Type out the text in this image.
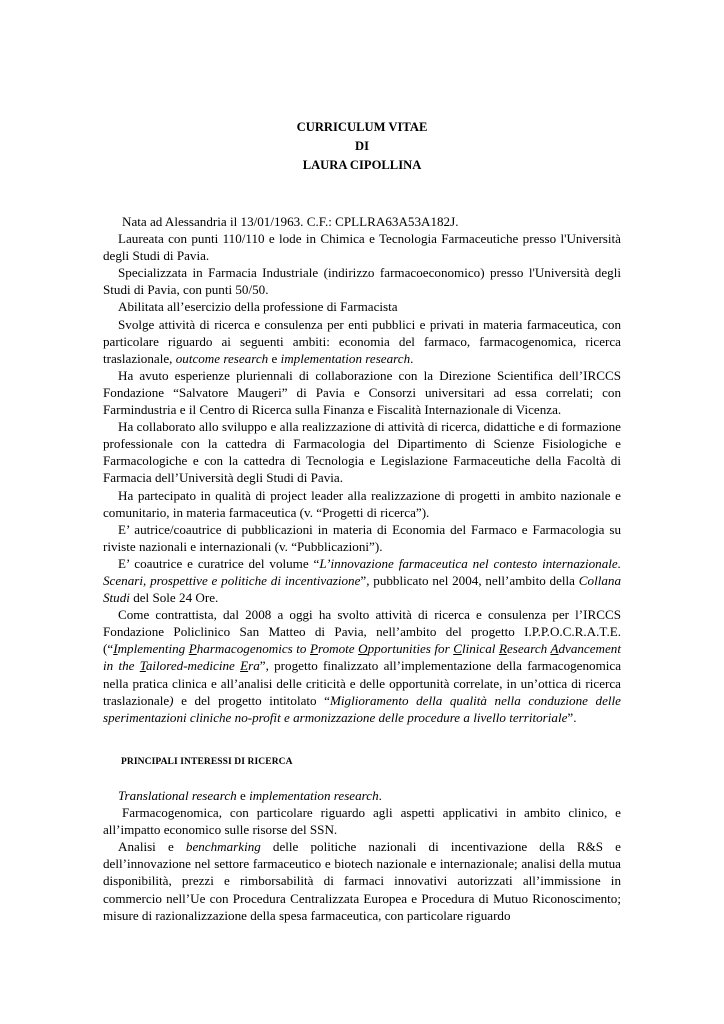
CURRICULUM VITAE
DI
LAURA CIPOLLINA

Nata ad Alessandria il 13/01/1963. C.F.: CPLLRA63A53A182J.

Laureata con punti 110/110 e lode in Chimica e Tecnologia Farmaceutiche presso l'Università degli Studi di Pavia.

Specializzata in Farmacia Industriale (indirizzo farmacoeconomico) presso l'Università degli Studi di Pavia, con punti 50/50.

Abilitata all’esercizio della professione di Farmacista

Svolge attività di ricerca e consulenza per enti pubblici e privati in materia farmaceutica, con particolare riguardo ai seguenti ambiti: economia del farmaco, farmacogenomica, ricerca traslazionale, outcome research e implementation research.

Ha avuto esperienze pluriennali di collaborazione con la Direzione Scientifica dell’IRCCS Fondazione “Salvatore Maugeri” di Pavia e Consorzi universitari ad essa correlati; con Farmindustria e il Centro di Ricerca sulla Finanza e Fiscalità Internazionale di Vicenza.

Ha collaborato allo sviluppo e alla realizzazione di attività di ricerca, didattiche e di formazione professionale con la cattedra di Farmacologia del Dipartimento di Scienze Fisiologiche e Farmacologiche e con la cattedra di Tecnologia e Legislazione Farmaceutiche della Facoltà di Farmacia dell’Università degli Studi di Pavia.

Ha partecipato in qualità di project leader alla realizzazione di progetti in ambito nazionale e comunitario, in materia farmaceutica (v. “Progetti di ricerca”).

E’ autrice/coautrice di pubblicazioni in materia di Economia del Farmaco e Farmacologia su riviste nazionali e internazionali (v. “Pubblicazioni”).

E’ coautrice e curatrice del volume “L’innovazione farmaceutica nel contesto internazionale. Scenari, prospettive e politiche di incentivazione”, pubblicato nel 2004, nell’ambito della Collana Studi del Sole 24 Ore.

Come contrattista, dal 2008 a oggi ha svolto attività di ricerca e consulenza per l’IRCCS Fondazione Policlinico San Matteo di Pavia, nell’ambito del progetto I.P.P.O.C.R.A.T.E. (“Implementing Pharmacogenomics to Promote Opportunities for Clinical Research Advancement in the Tailored-medicine Era”, progetto finalizzato all’implementazione della farmacogenomica nella pratica clinica e all’analisi delle criticità e delle opportunità correlate, in un’ottica di ricerca traslazionale) e del progetto intitolato “Miglioramento della qualità nella conduzione delle sperimentazioni cliniche no-profit e armonizzazione delle procedure a livello territoriale”.

PRINCIPALI INTERESSI DI RICERCA

Translational research e implementation research.

Farmacogenomica, con particolare riguardo agli aspetti applicativi in ambito clinico, e all’impatto economico sulle risorse del SSN.

Analisi e benchmarking delle politiche nazionali di incentivazione della R&S e dell’innovazione nel settore farmaceutico e biotech nazionale e internazionale; analisi della mutua disponibilità, prezzi e rimborsabilità di farmaci innovativi autorizzati all’immissione in commercio nell’Ue con Procedura Centralizzata Europea e Procedura di Mutuo Riconoscimento; misure di razionalizzazione della spesa farmaceutica, con particolare riguardo
